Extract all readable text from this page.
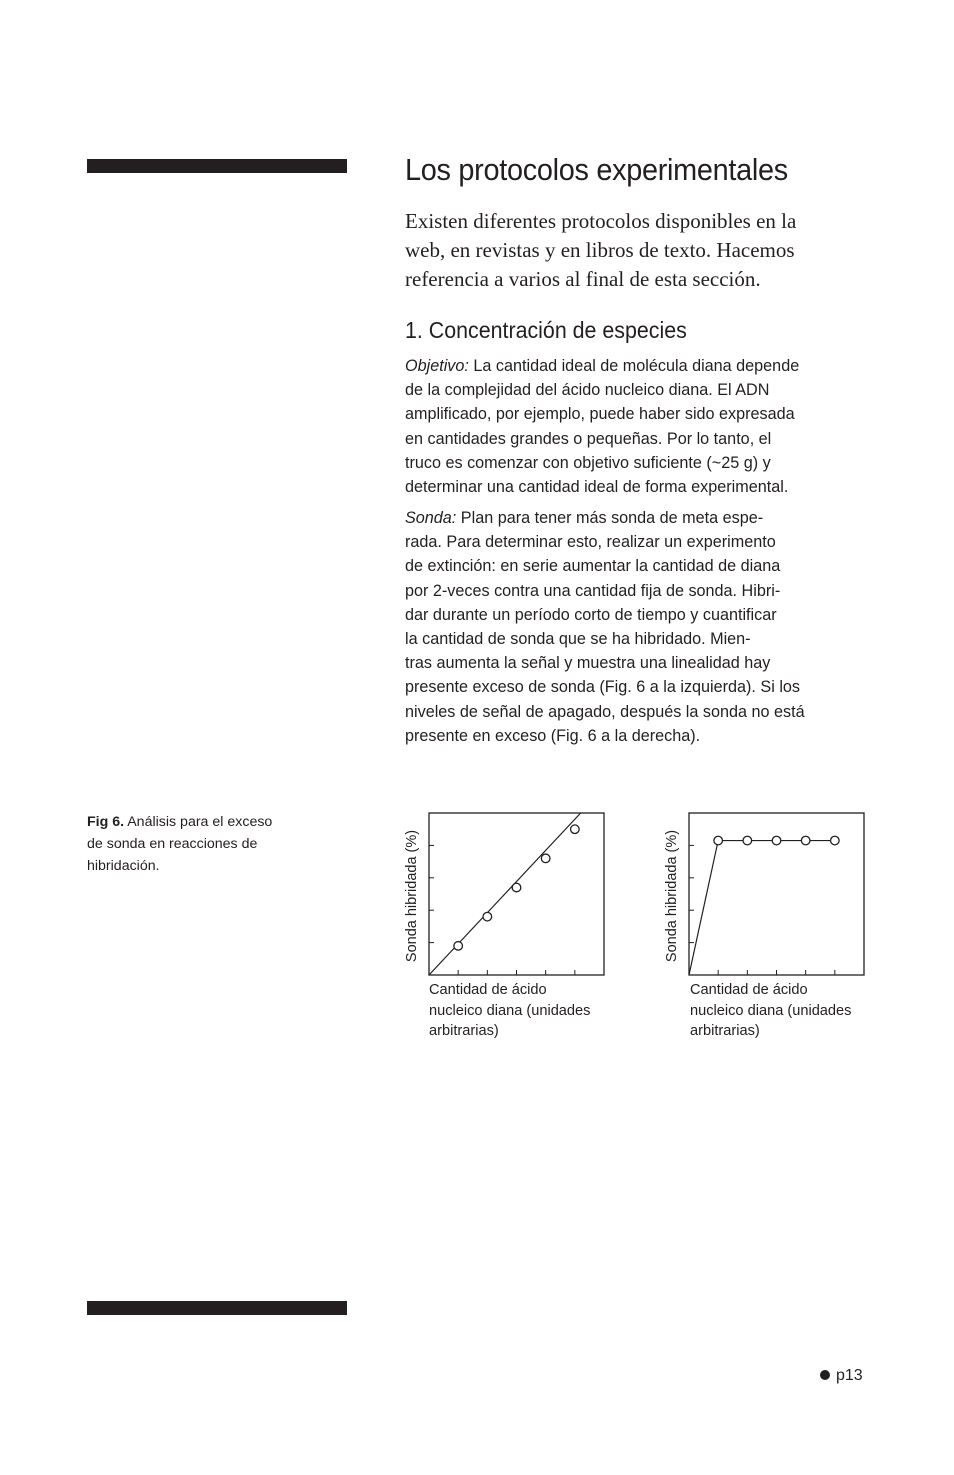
Los protocolos experimentales

Existen diferentes protocolos disponibles en la
web, en revistas y en libros de texto. Hacemos
referencia a varios al final de esta sección.

1. Concentración de especies

Objetivo: La cantidad ideal de molécula diana depende
de la complejidad del ácido nucleico diana. El ADN
amplificado, por ejemplo, puede haber sido expresada
en cantidades grandes o pequeñas. Por lo tanto, el
truco es comenzar con objetivo suficiente (~25 g) y
determinar una cantidad ideal de forma experimental.

Sonda: Plan para tener más sonda de meta espe-
rada. Para determinar esto, realizar un experimento
de extinción: en serie aumentar la cantidad de diana
por 2-veces contra una cantidad fija de sonda. Hibri-
dar durante un período corto de tiempo y cuantificar
la cantidad de sonda que se ha hibridado. Mien-
tras aumenta la señal y muestra una linealidad hay
presente exceso de sonda (Fig. 6 a la izquierda). Si los
niveles de señal de apagado, después la sonda no está
presente en exceso (Fig. 6 a la derecha).

Fig 6. Análisis para el exceso
de sonda en reacciones de
hibridación.	Sonda hibridada (%)	Sonda hibridada (%)
Cantidad de ácido
nucleico diana (unidades
arbitrarias)
Cantidad de ácido
nucleico diana (unidades
arbitrarias)
p13
